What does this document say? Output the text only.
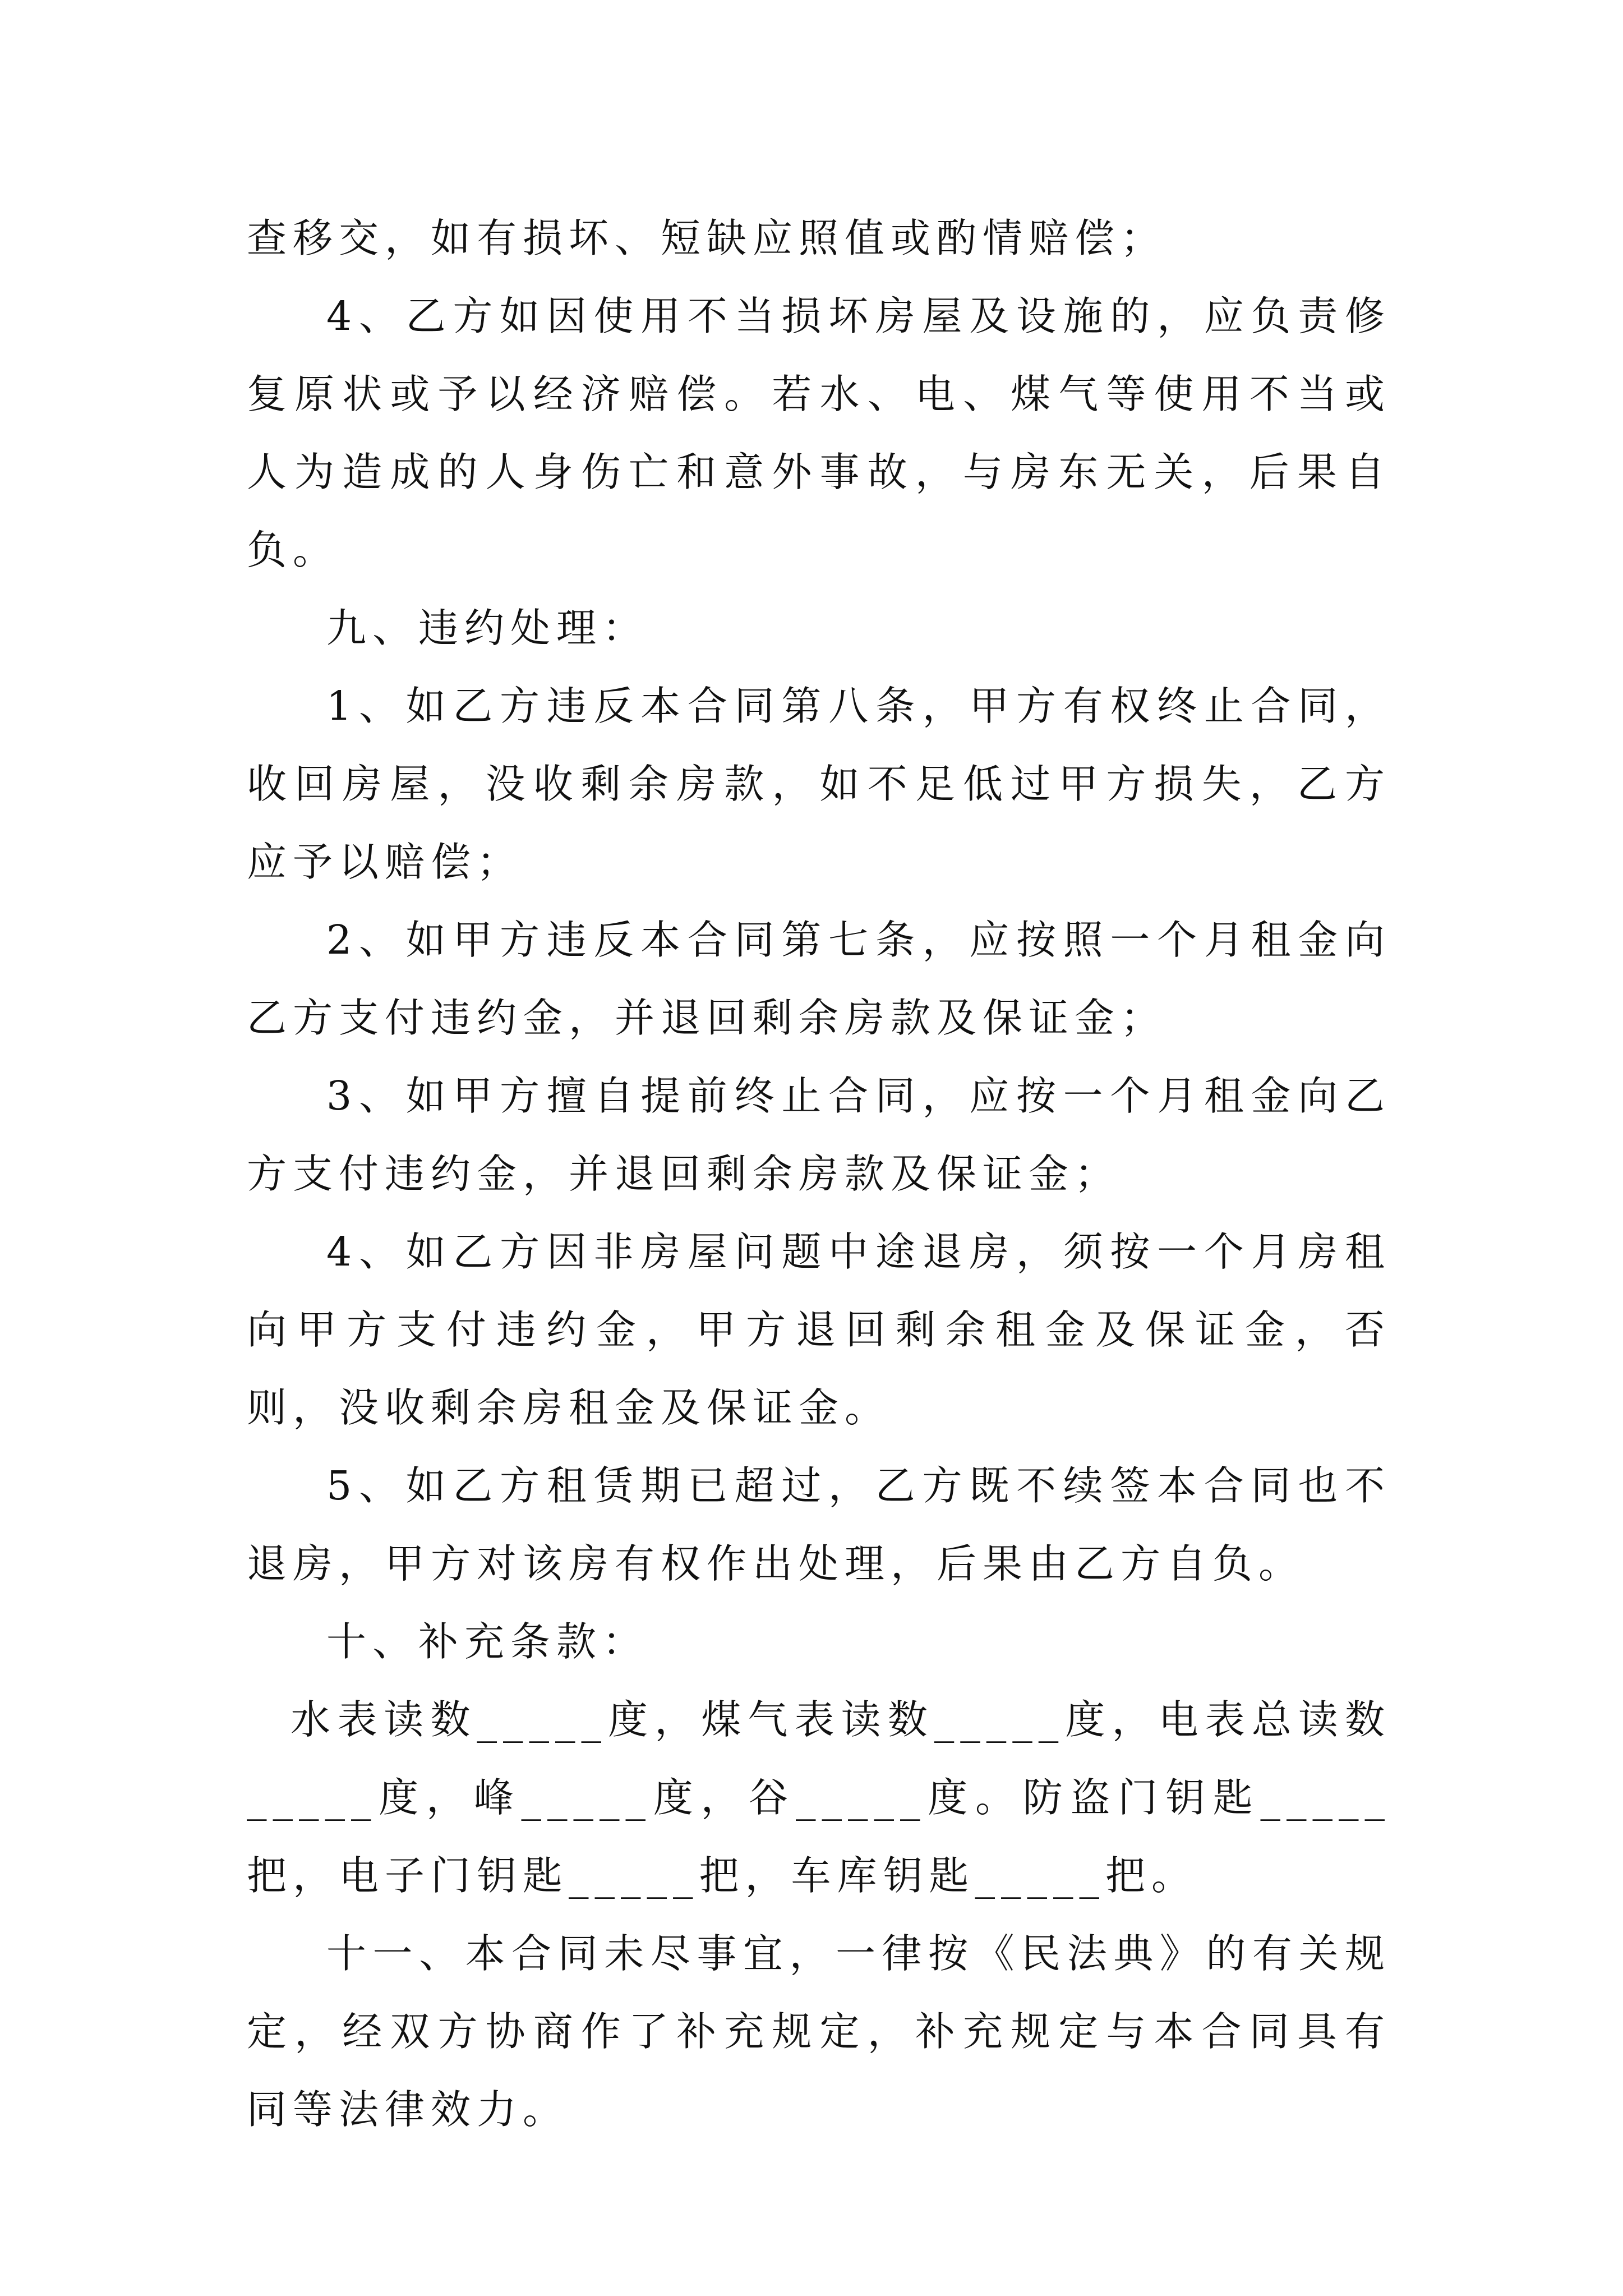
查移交，如有损坏、短缺应照值或酌情赔偿；

4、乙方如因使用不当损坏房屋及设施的，应负责修复原状或予以经济赔偿。若水、电、煤气等使用不当或人为造成的人身伤亡和意外事故，与房东无关，后果自负。

九、违约处理：

1、如乙方违反本合同第八条，甲方有权终止合同，收回房屋，没收剩余房款，如不足低过甲方损失，乙方应予以赔偿；

2、如甲方违反本合同第七条，应按照一个月租金向乙方支付违约金，并退回剩余房款及保证金；

3、如甲方擅自提前终止合同，应按一个月租金向乙方支付违约金，并退回剩余房款及保证金；

4、如乙方因非房屋问题中途退房，须按一个月房租向甲方支付违约金，甲方退回剩余租金及保证金，否则，没收剩余房租金及保证金。

5、如乙方租赁期已超过，乙方既不续签本合同也不退房，甲方对该房有权作出处理，后果由乙方自负。

十、补充条款：

水表读数_____度，煤气表读数_____度，电表总读数_____度，峰_____度，谷_____度。防盗门钥匙_____把，电子门钥匙_____把，车库钥匙_____把。

十一、本合同未尽事宜，一律按《民法典》的有关规定，经双方协商作了补充规定，补充规定与本合同具有同等法律效力。
